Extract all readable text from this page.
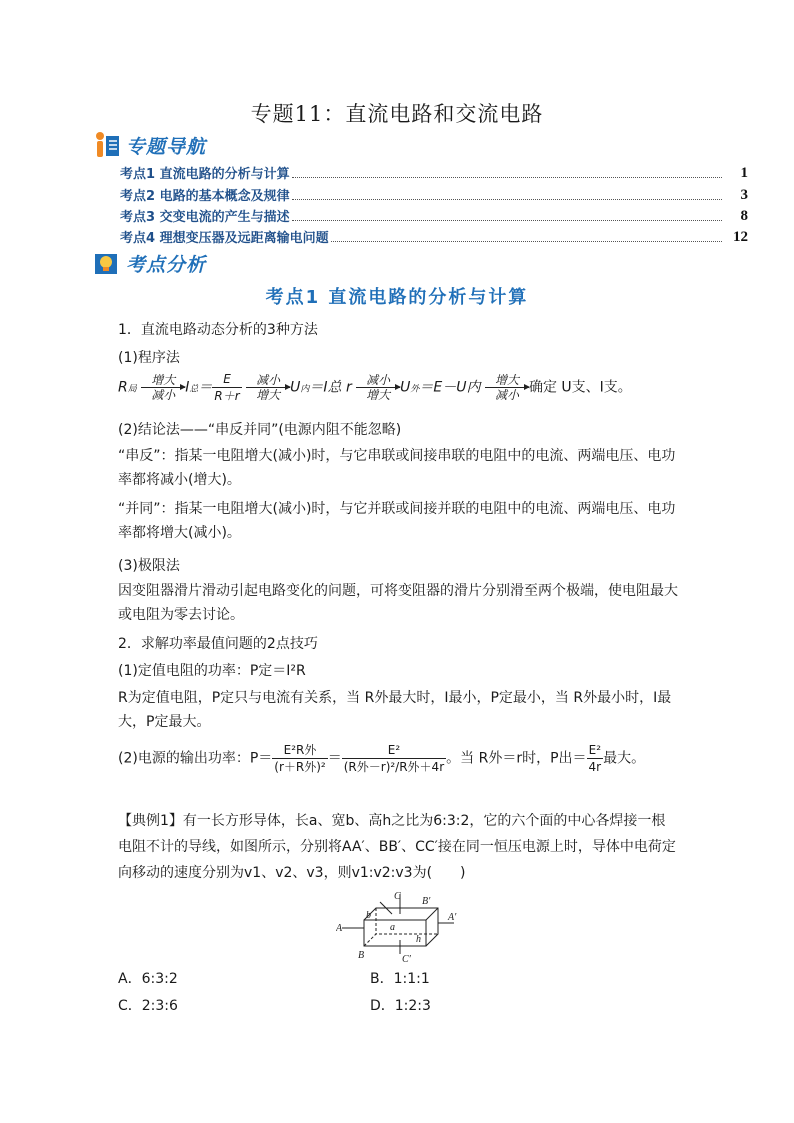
专题11：直流电路和交流电路
专题导航
考点1 直流电路的分析与计算	1
考点2 电路的基本概念及规律	3
考点3 交变电流的产生与描述	8
考点4 理想变压器及远距离输电问题	12
考点分析
考点1 直流电路的分析与计算
1．直流电路动态分析的3种方法
(1)程序法
R局
增大
减小 I总＝ $\frac{E}{R+r}$
	减小
增大 U内＝I总 r	减小
增大 U外＝E－U内	增大
减小 确定 U支、I支。
(2)结论法——“串反并同”(电源内阻不能忽略)
“串反”：指某一电阻增大(减小)时，与它串联或间接串联的电阻中的电流、两端电压、电功率都将减小(增大)。
“并同”：指某一电阻增大(减小)时，与它并联或间接并联的电阻中的电流、两端电压、电功率都将增大(减小)。
(3)极限法
因变阻器滑片滑动引起电路变化的问题，可将变阻器的滑片分别滑至两个极端，使电阻最大或电阻为零去讨论。
2．求解功率最值问题的2点技巧
(1)定值电阻的功率：P定＝I²R
R为定值电阻，P定只与电流有关系，当 R外最大时，I最小，P定最小，当 R外最小时，I最大，P定最大。
(2)电源的输出功率：$P= \frac{\text{E²R外}}{\text{(r＋R外)²}} = \frac{\text{E²}}{\text{(R外－r)²/R外＋4r}}$ 。当 R外＝r时，P出＝ $\frac{\text{E²}}{4r}$ 最大。
【典例1】有一长方形导体，长a、宽b、高h之比为6:3:2，它的六个面的中心各焊接一根电阻不计的导线，如图所示，分别将AA′、BB′、CC′接在同一恒压电源上时，导体中电荷定向移动的速度分别为v1、v2、v3，则v1:v2:v3为(　　)
A
A′
B
B′
C
C′
a
b
h
A．6:3:2	B．1:1:1
C．2:3:6	D．1:2:3
